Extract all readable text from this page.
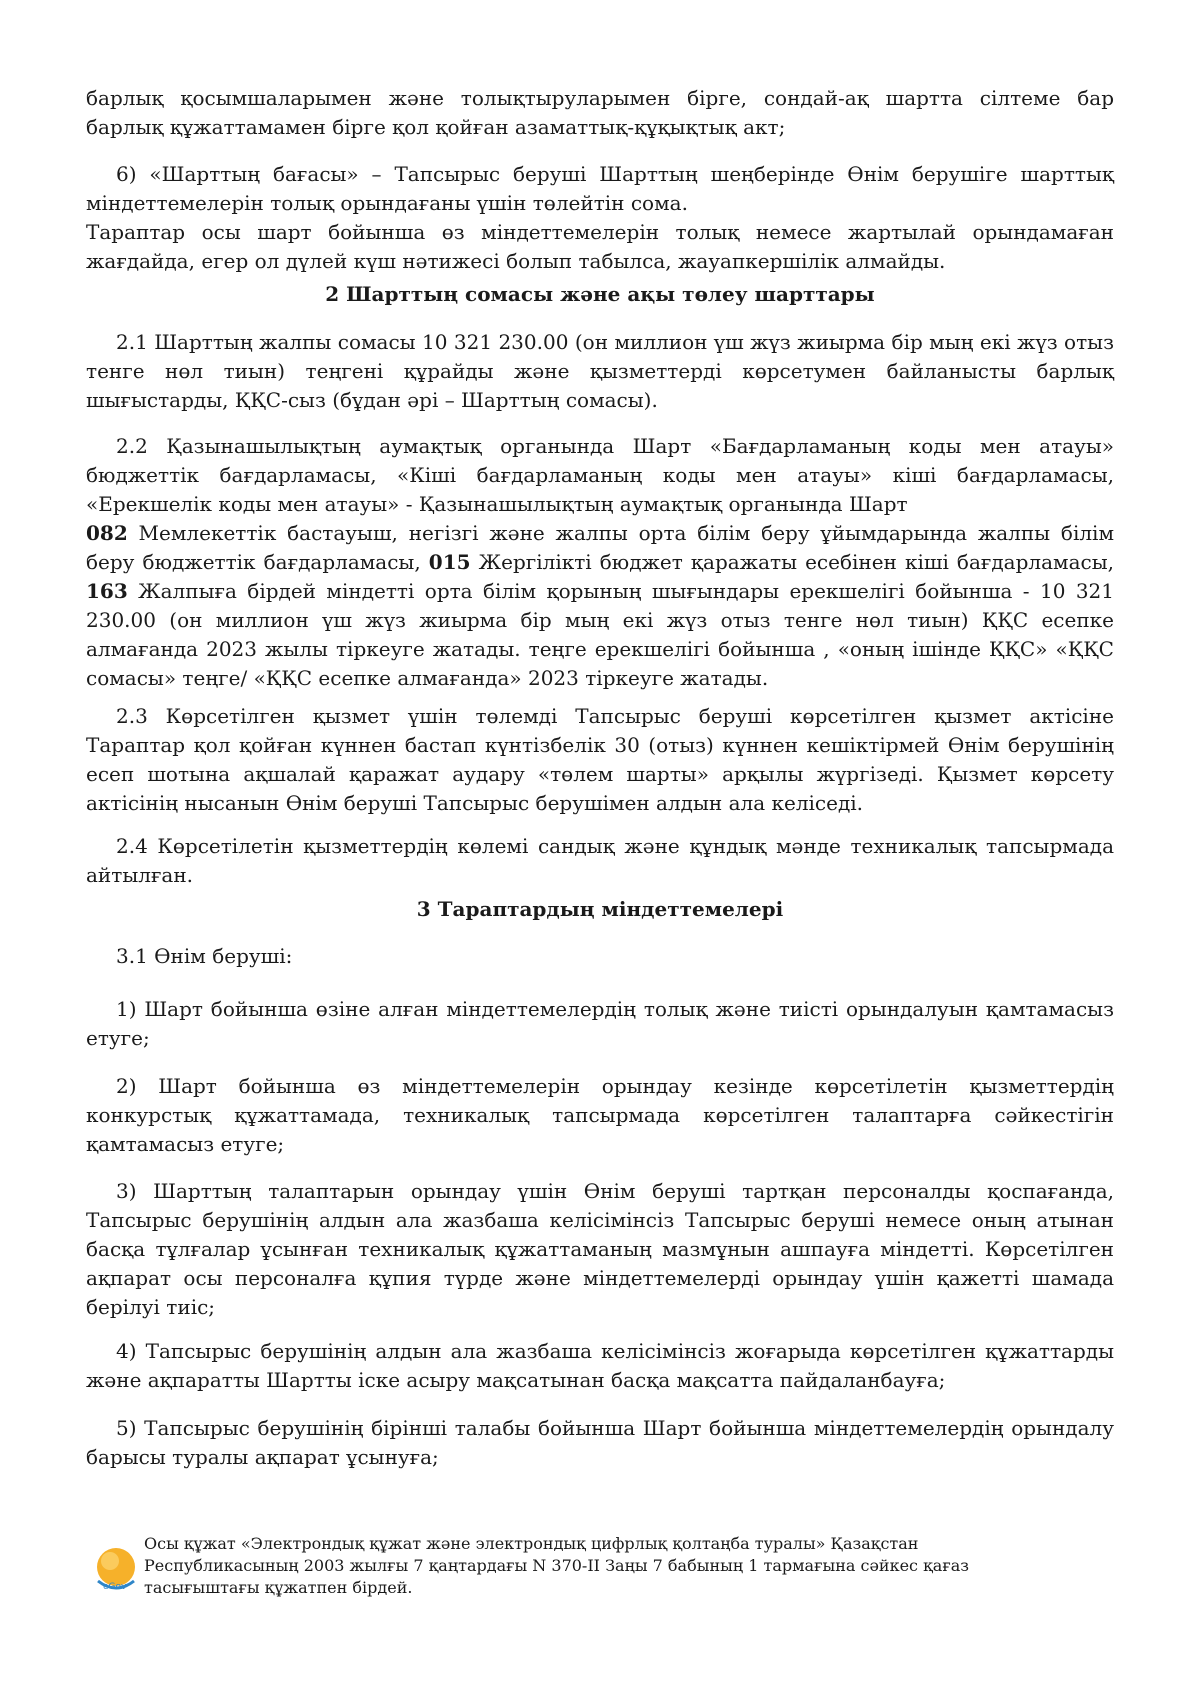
барлық қосымшаларымен және толықтыруларымен бірге, сондай-ақ шартта сілтеме бар барлық құжаттамамен бірге қол қойған азаматтық-құқықтық акт;

6) «Шарттың бағасы» – Тапсырыс беруші Шарттың шеңберінде Өнім берушіге шарттық міндеттемелерін толық орындағаны үшін төлейтін сома.

Тараптар осы шарт бойынша өз міндеттемелерін толық немесе жартылай орындамаған жағдайда, егер ол дүлей күш нәтижесі болып табылса, жауапкершілік алмайды.

2 Шарттың сомасы және ақы төлеу шарттары

2.1 Шарттың жалпы сомасы 10 321 230.00 (он миллион үш жүз жиырма бір мың екі жүз отыз тенге нөл тиын) теңгені құрайды және қызметтерді көрсетумен байланысты барлық шығыстарды, ҚҚС-сыз (бұдан әрі – Шарттың сомасы).

2.2 Қазынашылықтың аумақтық органында Шарт «Бағдарламаның коды мен атауы» бюджеттік бағдарламасы, «Кіші бағдарламаның коды мен атауы» кіші бағдарламасы, «Ерекшелік коды мен атауы» - Қазынашылықтың аумақтық органында Шарт
082 Мемлекеттік бастауыш, негізгі және жалпы орта білім беру ұйымдарында жалпы білім беру бюджеттік бағдарламасы, 015 Жергілікті бюджет қаражаты есебінен кіші бағдарламасы, 163 Жалпыға бірдей міндетті орта білім қорының шығындары ерекшелігі бойынша - 10 321 230.00 (он миллион үш жүз жиырма бір мың екі жүз отыз тенге нөл тиын) ҚҚС есепке алмағанда 2023 жылы тіркеуге жатады. теңге ерекшелігі бойынша , «оның ішінде ҚҚС» «ҚҚС сомасы» теңге/ «ҚҚС есепке алмағанда» 2023 тіркеуге жатады.

2.3 Көрсетілген қызмет үшін төлемді Тапсырыс беруші көрсетілген қызмет актісіне Тараптар қол қойған күннен бастап күнтізбелік 30 (отыз) күннен кешіктірмей Өнім берушінің есеп шотына ақшалай қаражат аудару «төлем шарты» арқылы жүргізеді. Қызмет көрсету актісінің нысанын Өнім беруші Тапсырыс берушімен алдын ала келіседі.

2.4 Көрсетілетін қызметтердің көлемі сандық және құндық мәнде техникалық тапсырмада айтылған.

3 Тараптардың міндеттемелері

3.1 Өнім беруші:

1) Шарт бойынша өзіне алған міндеттемелердің толық және тиісті орындалуын қамтамасыз етуге;

2) Шарт бойынша өз міндеттемелерін орындау кезінде көрсетілетін қызметтердің конкурстық құжаттамада, техникалық тапсырмада көрсетілген талаптарға сәйкестігін қамтамасыз етуге;

3) Шарттың талаптарын орындау үшін Өнім беруші тартқан персоналды қоспағанда, Тапсырыс берушінің алдын ала жазбаша келісімінсіз Тапсырыс беруші немесе оның атынан басқа тұлғалар ұсынған техникалық құжаттаманың мазмұнын ашпауға міндетті. Көрсетілген ақпарат осы персоналға құпия түрде және міндеттемелерді орындау үшін қажетті шамада берілуі тиіс;

4) Тапсырыс берушінің алдын ала жазбаша келісімінсіз жоғарыда көрсетілген құжаттарды және ақпаратты Шартты іске асыру мақсатынан басқа мақсатта пайдаланбауға;

5) Тапсырыс берушінің бірінші талабы бойынша Шарт бойынша міндеттемелердің орындалу барысы туралы ақпарат ұсынуға;

eGov
Осы құжат «Электрондық құжат және электрондық цифрлық қолтаңба туралы» Қазақстан
Республикасының 2003 жылғы 7 қаңтардағы N 370-II Заңы 7 бабының 1 тармағына сәйкес қағаз
тасығыштағы құжатпен бірдей.
